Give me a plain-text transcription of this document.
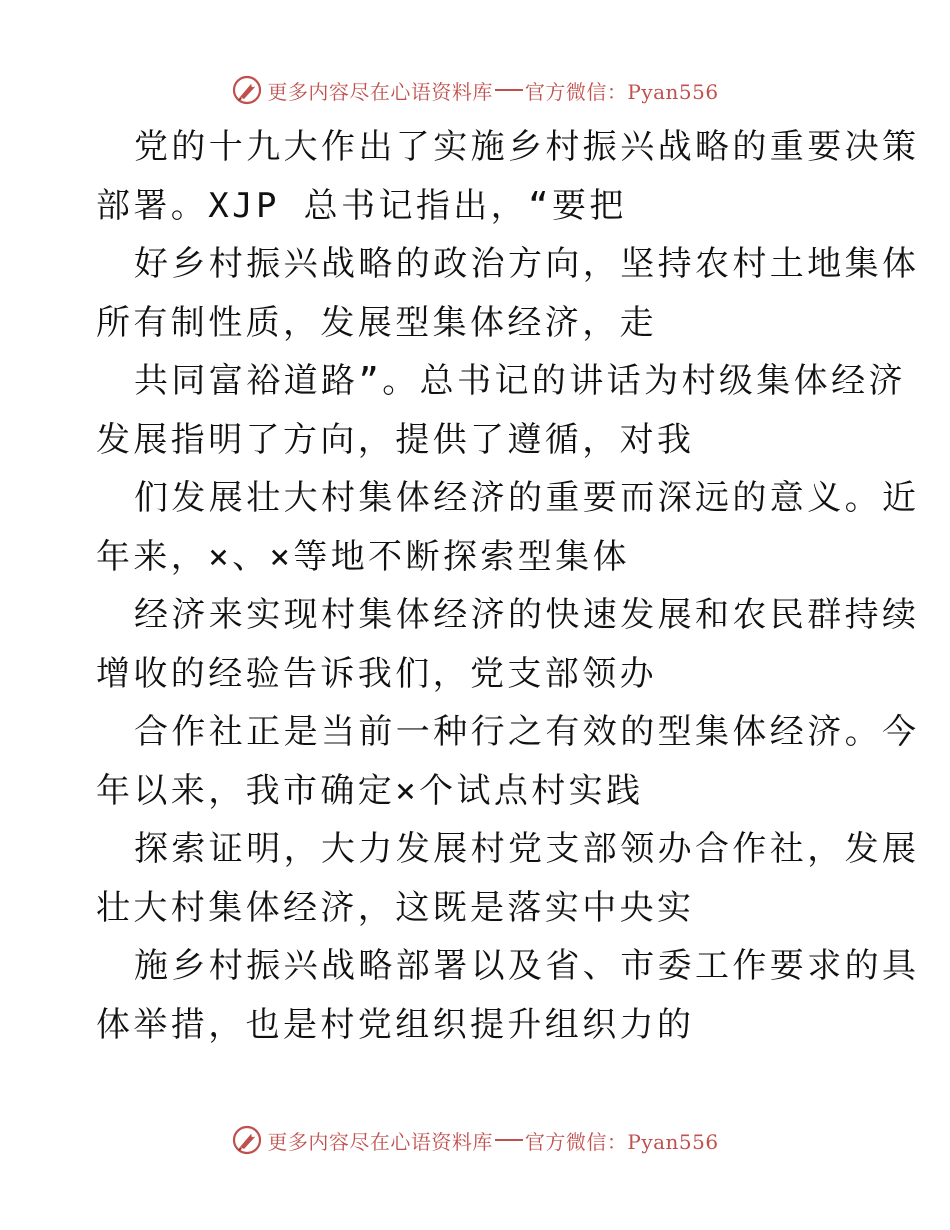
更多内容尽在心语资料库 官方微信：Pyan556
党的十九大作出了实施乡村振兴战略的重要决策
部署。XJP 总书记指出，“要把
好乡村振兴战略的政治方向，坚持农村土地集体
所有制性质，发展型集体经济，走
共同富裕道路”。总书记的讲话为村级集体经济
发展指明了方向，提供了遵循，对我
们发展壮大村集体经济的重要而深远的意义。近
年来，×、×等地不断探索型集体
经济来实现村集体经济的快速发展和农民群持续
增收的经验告诉我们，党支部领办
合作社正是当前一种行之有效的型集体经济。今
年以来，我市确定×个试点村实践
探索证明，大力发展村党支部领办合作社，发展
壮大村集体经济，这既是落实中央实
施乡村振兴战略部署以及省、市委工作要求的具
体举措，也是村党组织提升组织力的
更多内容尽在心语资料库 官方微信：Pyan556
